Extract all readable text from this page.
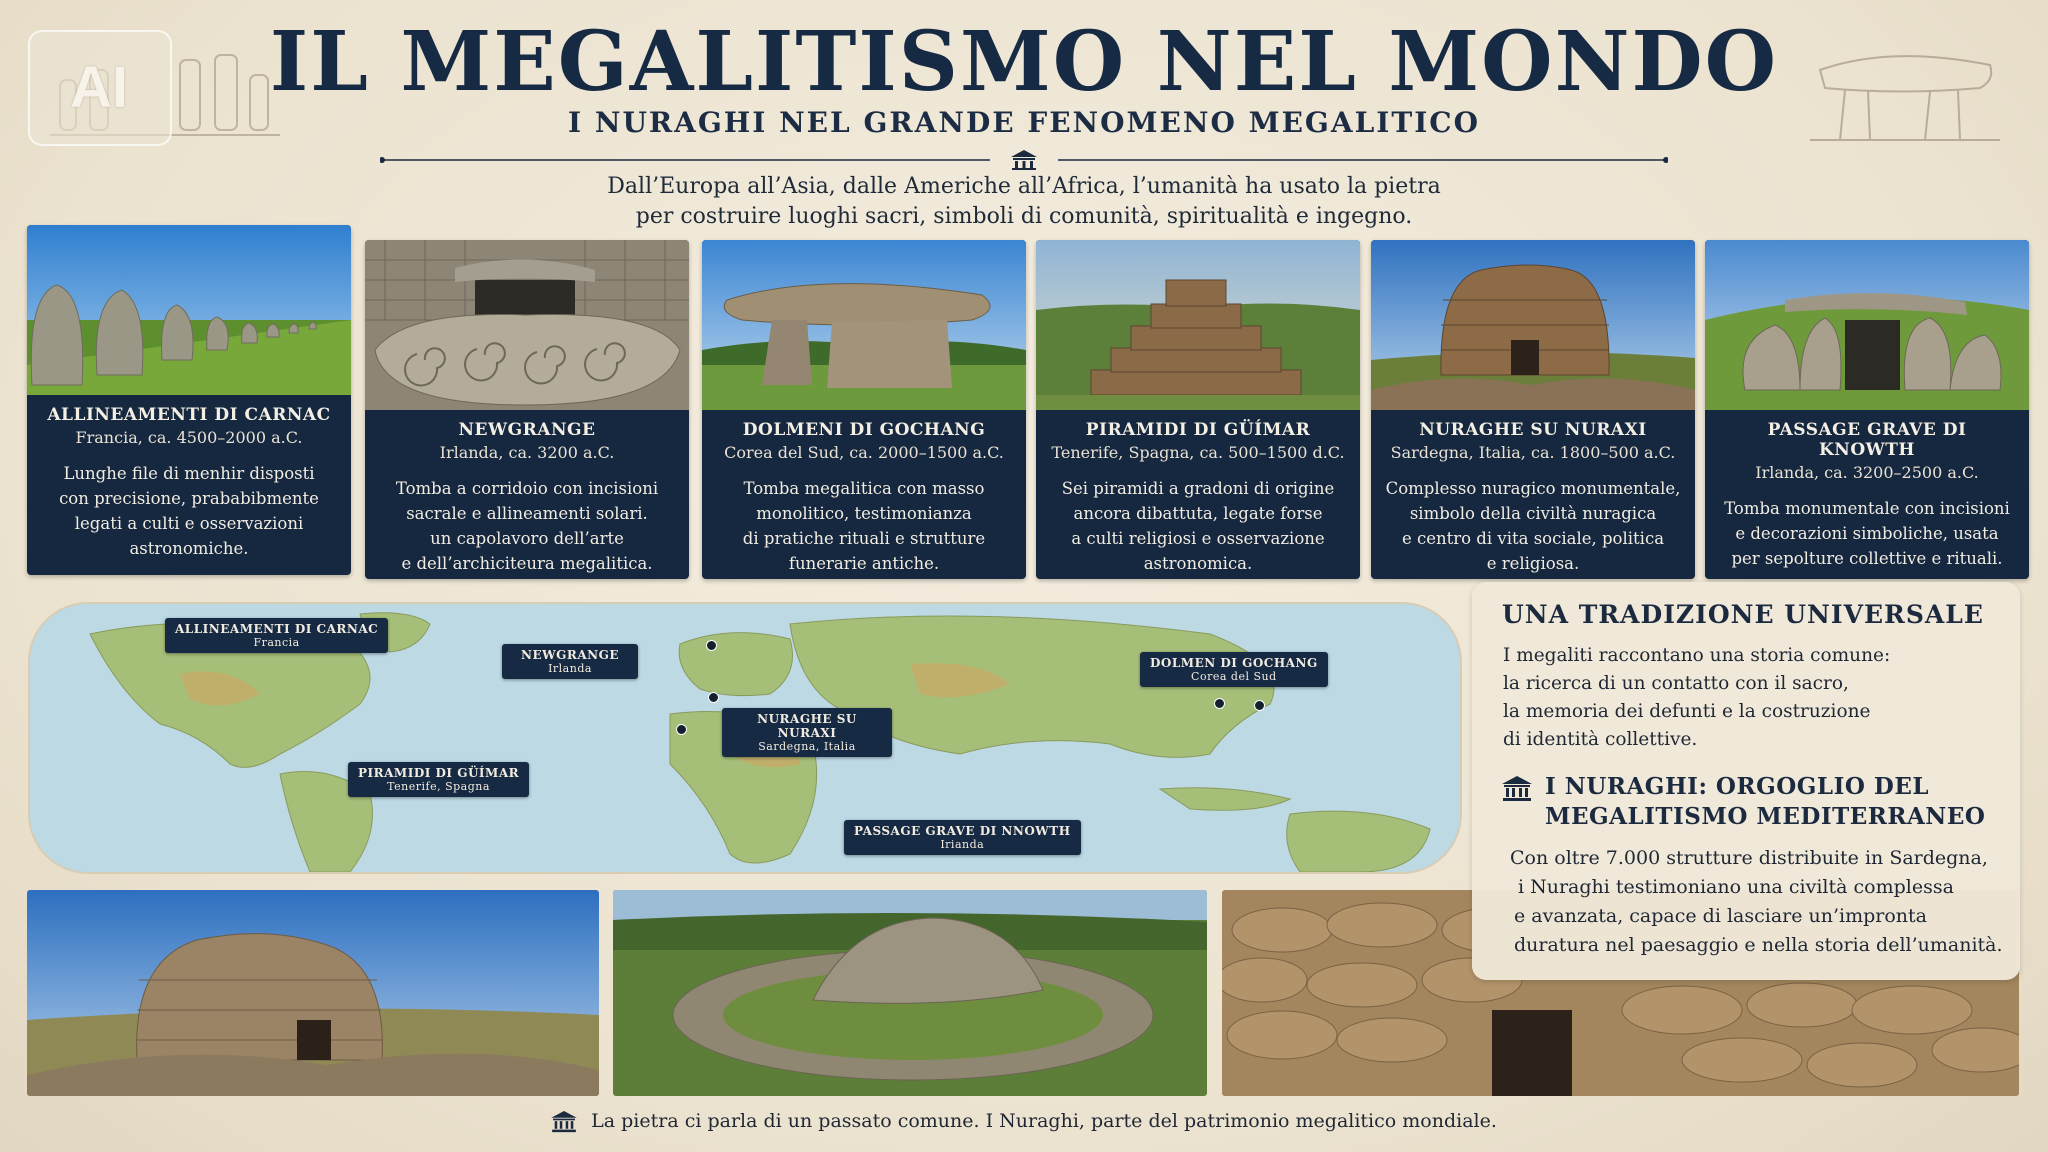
AI	IL MEGALITISMO NEL MONDO
I NURAGHI NEL GRANDE FENOMENO MEGALITICO
Dall’Europa all’Asia, dalle Americhe all’Africa, l’umanità ha usato la pietra
per costruire luoghi sacri, simboli di comunità, spiritualità e ingegno.
ALLINEAMENTI DI CARNAC
Francia, ca. 4500–2000 a.C.
Lunghe file di menhir disposti
con precisione, prababibmente
legati a culti e osservazioni
astronomiche.
NEWGRANGE
Irlanda, ca. 3200 a.C.
Tomba a corridoio con incisioni
sacrale e allineamenti solari.
un capolavoro dell’arte
e dell’archiciteura megalitica.
DOLMENI DI GOCHANG
Corea del Sud, ca. 2000–1500 a.C.
Tomba megalitica con masso
monolitico, testimonianza
di pratiche rituali e strutture
funerarie antiche.
PIRAMIDI DI GÜÍMAR
Tenerife, Spagna, ca. 500–1500 d.C.
Sei piramidi a gradoni di origine
ancora dibattuta, legate forse
a culti religiosi e osservazione
astronomica.
NURAGHE SU NURAXI
Sardegna, Italia, ca. 1800–500 a.C.
Complesso nuragico monumentale,
simbolo della civiltà nuragica
e centro di vita sociale, politica
e religiosa.
PASSAGE GRAVE DI KNOWTH
Irlanda, ca. 3200–2500 a.C.
Tomba monumentale con incisioni
e decorazioni simboliche, usata
per sepolture collettive e rituali.
ALLINEAMENTI DI CARNAC
Francia
NEWGRANGE
Irlanda	DOLMEN DI GOCHANG
Corea del Sud
NURAGHE SU NURAXI
Sardegna, Italia
PIRAMIDI DI GÜÍMAR
Tenerife, Spagna
PASSAGE GRAVE DI NNOWTH
Irianda
UNA TRADIZIONE UNIVERSALE
I megaliti raccontano una storia comune:
la ricerca di un contatto con il sacro,
la memoria dei defunti e la costruzione
di identità collettive.
I NURAGHI: ORGOGLIO DEL
MEGALITISMO MEDITERRANEO
Con oltre 7.000 strutture distribuite in Sardegna,
i Nuraghi testimoniano una civiltà complessa
e avanzata, capace di lasciare un’impronta
duratura nel paesaggio e nella storia dell’umanità.
La pietra ci parla di un passato comune. I Nuraghi, parte del patrimonio megalitico mondiale.
